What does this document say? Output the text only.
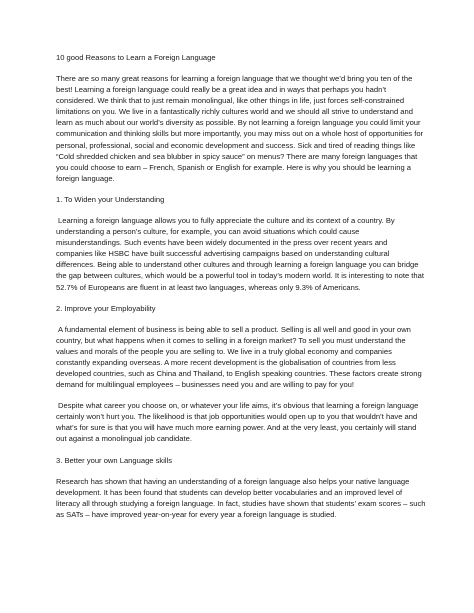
10 good Reasons to Learn a Foreign Language

There are so many great reasons for learning a foreign language that we thought we’d bring you ten of the best! Learning a foreign language could really be a great idea and in ways that perhaps you hadn’t considered. We think that to just remain monolingual, like other things in life, just forces self-constrained limitations on you. We live in a fantastically richly cultures world and we should all strive to understand and learn as much about our world’s diversity as possible. By not learning a foreign language you could limit your communication and thinking skills but more importantly, you may miss out on a whole host of opportunities for personal, professional, social and economic development and success. Sick and tired of reading things like “Cold shredded chicken and sea blubber in spicy sauce” on menus? There are many foreign languages that you could choose to earn – French, Spanish or English for example. Here is why you should be learning a foreign language.

1. To Widen your Understanding

Learning a foreign language allows you to fully appreciate the culture and its context of a country. By understanding a person’s culture, for example, you can avoid situations which could cause misunderstandings. Such events have been widely documented in the press over recent years and companies like HSBC have built successful advertising campaigns based on understanding cultural differences. Being able to understand other cultures and through learning a foreign language you can bridge the gap between cultures, which would be a powerful tool in today’s modern world. It is interesting to note that 52.7% of Europeans are fluent in at least two languages, whereas only 9.3% of Americans.

2. Improve your Employability

A fundamental element of business is being able to sell a product. Selling is all well and good in your own country, but what happens when it comes to selling in a foreign market? To sell you must understand the values and morals of the people you are selling to. We live in a truly global economy and companies constantly expanding overseas. A more recent development is the globalisation of countries from less developed countries, such as China and Thailand, to English speaking countries. These factors create strong demand for multilingual employees – businesses need you and are willing to pay for you!

Despite what career you choose on, or whatever your life aims, it’s obvious that learning a foreign language certainly won’t hurt you. The likelihood is that job opportunities would open up to you that wouldn’t have and what’s for sure is that you will have much more earning power. And at the very least, you certainly will stand out against a monolingual job candidate.

3. Better your own Language skills

Research has shown that having an understanding of a foreign language also helps your native language development. It has been found that students can develop better vocabularies and an improved level of literacy all through studying a foreign language. In fact, studies have shown that students’ exam scores – such as SATs – have improved year-on-year for every year a foreign language is studied.
